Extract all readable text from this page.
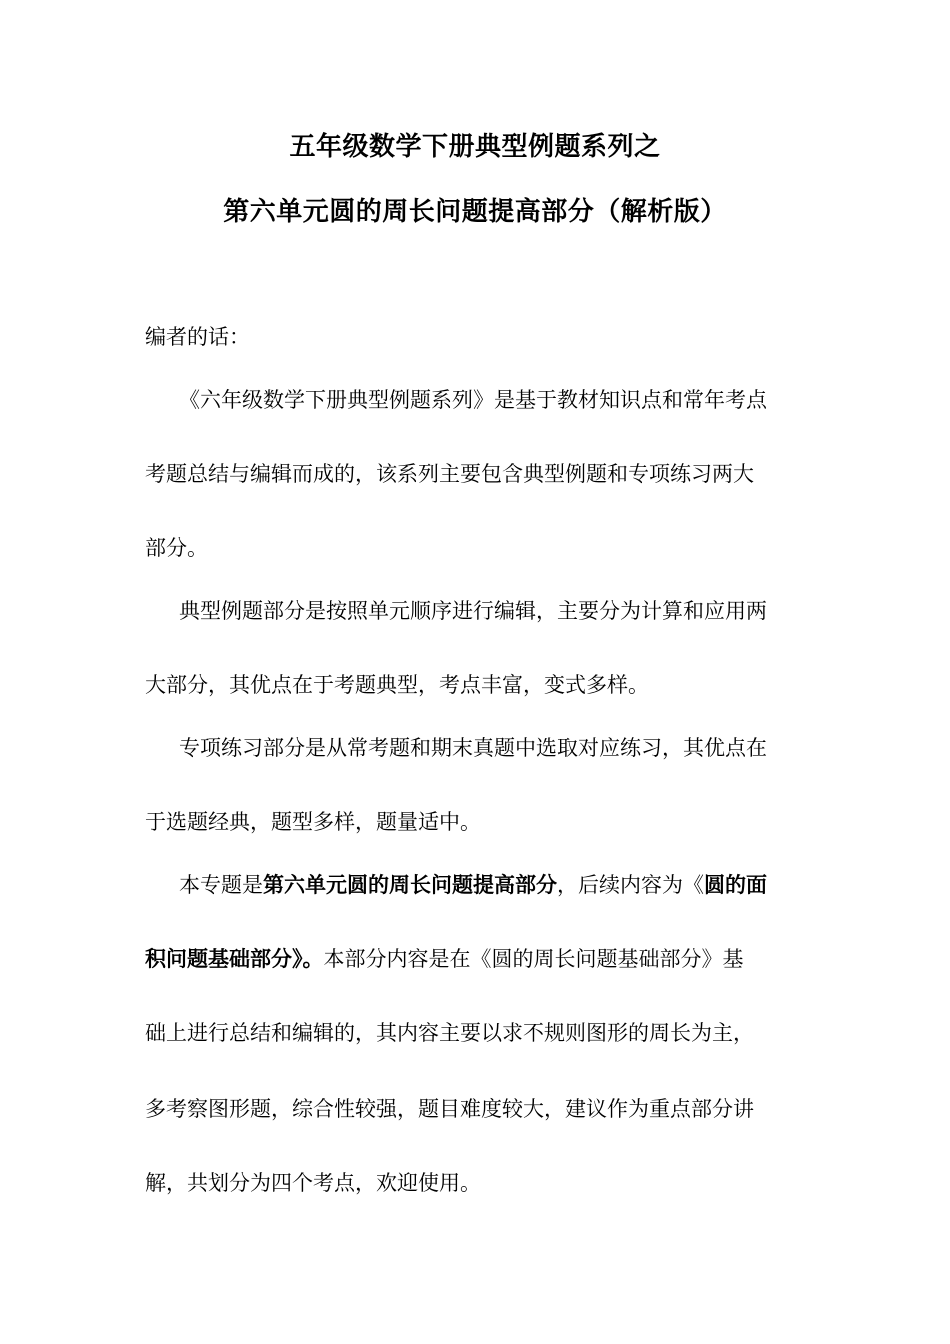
五年级数学下册典型例题系列之
第六单元圆的周长问题提高部分（解析版）
编者的话：
《六年级数学下册典型例题系列》是基于教材知识点和常年考点
考题总结与编辑而成的，该系列主要包含典型例题和专项练习两大
部分。
典型例题部分是按照单元顺序进行编辑，主要分为计算和应用两
大部分，其优点在于考题典型，考点丰富，变式多样。
专项练习部分是从常考题和期末真题中选取对应练习，其优点在
于选题经典，题型多样，题量适中。
本专题是第六单元圆的周长问题提高部分，后续内容为《圆的面
积问题基础部分》。本部分内容是在《圆的周长问题基础部分》基
础上进行总结和编辑的，其内容主要以求不规则图形的周长为主，
多考察图形题，综合性较强，题目难度较大，建议作为重点部分讲
解，共划分为四个考点，欢迎使用。
